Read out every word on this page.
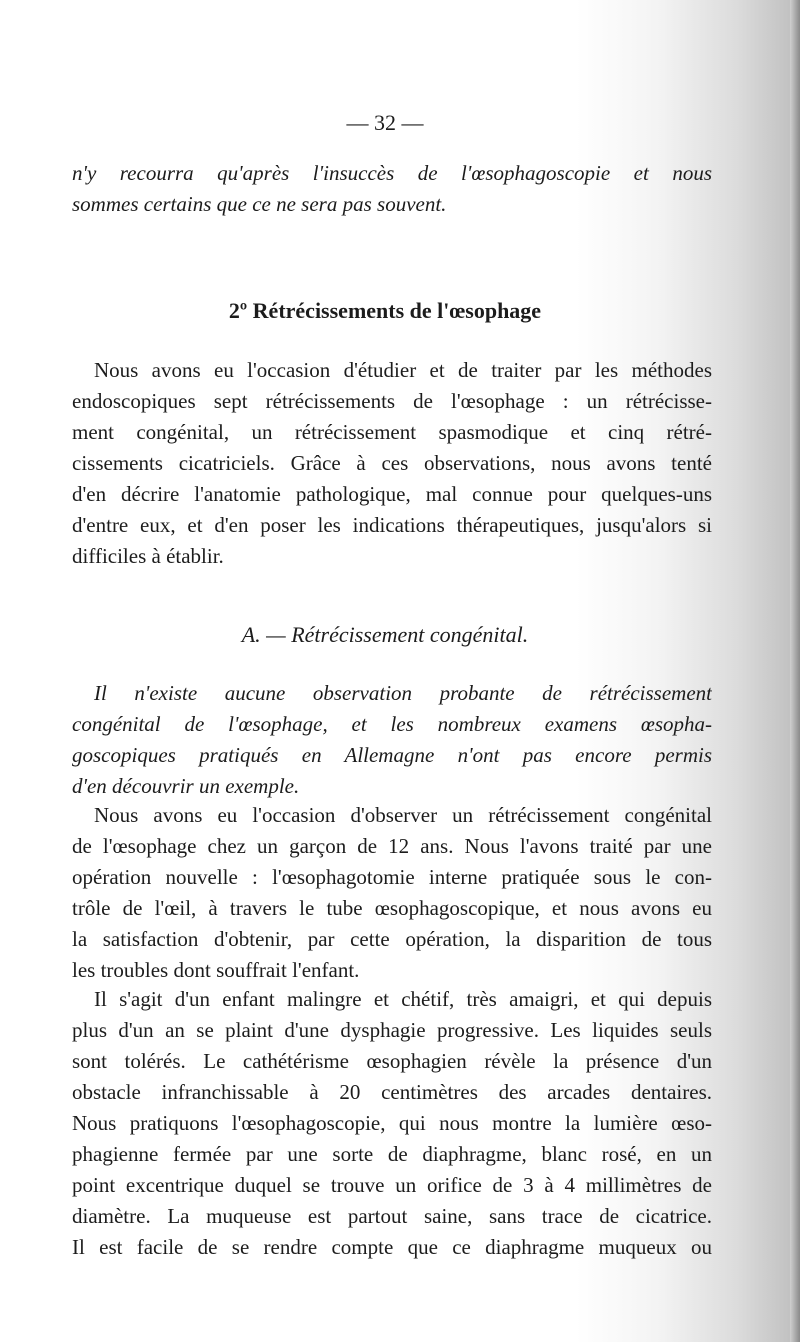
— 32 —
n'y recourra qu'après l'insuccès de l'œsophagoscopie et nous
sommes certains que ce ne sera pas souvent.
2º Rétrécissements de l'œsophage
Nous avons eu l'occasion d'étudier et de traiter par les méthodes
endoscopiques sept rétrécissements de l'œsophage : un rétrécisse-
ment congénital, un rétrécissement spasmodique et cinq rétré-
cissements cicatriciels. Grâce à ces observations, nous avons tenté
d'en décrire l'anatomie pathologique, mal connue pour quelques-uns
d'entre eux, et d'en poser les indications thérapeutiques, jusqu'alors si
difficiles à établir.
A. — Rétrécissement congénital.
Il n'existe aucune observation probante de rétrécissement
congénital de l'œsophage, et les nombreux examens œsopha-
goscopiques pratiqués en Allemagne n'ont pas encore permis
d'en découvrir un exemple.
Nous avons eu l'occasion d'observer un rétrécissement congénital
de l'œsophage chez un garçon de 12 ans. Nous l'avons traité par une
opération nouvelle : l'œsophagotomie interne pratiquée sous le con-
trôle de l'œil, à travers le tube œsophagoscopique, et nous avons eu
la satisfaction d'obtenir, par cette opération, la disparition de tous
les troubles dont souffrait l'enfant.
Il s'agit d'un enfant malingre et chétif, très amaigri, et qui depuis
plus d'un an se plaint d'une dysphagie progressive. Les liquides seuls
sont tolérés. Le cathétérisme œsophagien révèle la présence d'un
obstacle infranchissable à 20 centimètres des arcades dentaires.
Nous pratiquons l'œsophagoscopie, qui nous montre la lumière œso-
phagienne fermée par une sorte de diaphragme, blanc rosé, en un
point excentrique duquel se trouve un orifice de 3 à 4 millimètres de
diamètre. La muqueuse est partout saine, sans trace de cicatrice.
Il est facile de se rendre compte que ce diaphragme muqueux ou
